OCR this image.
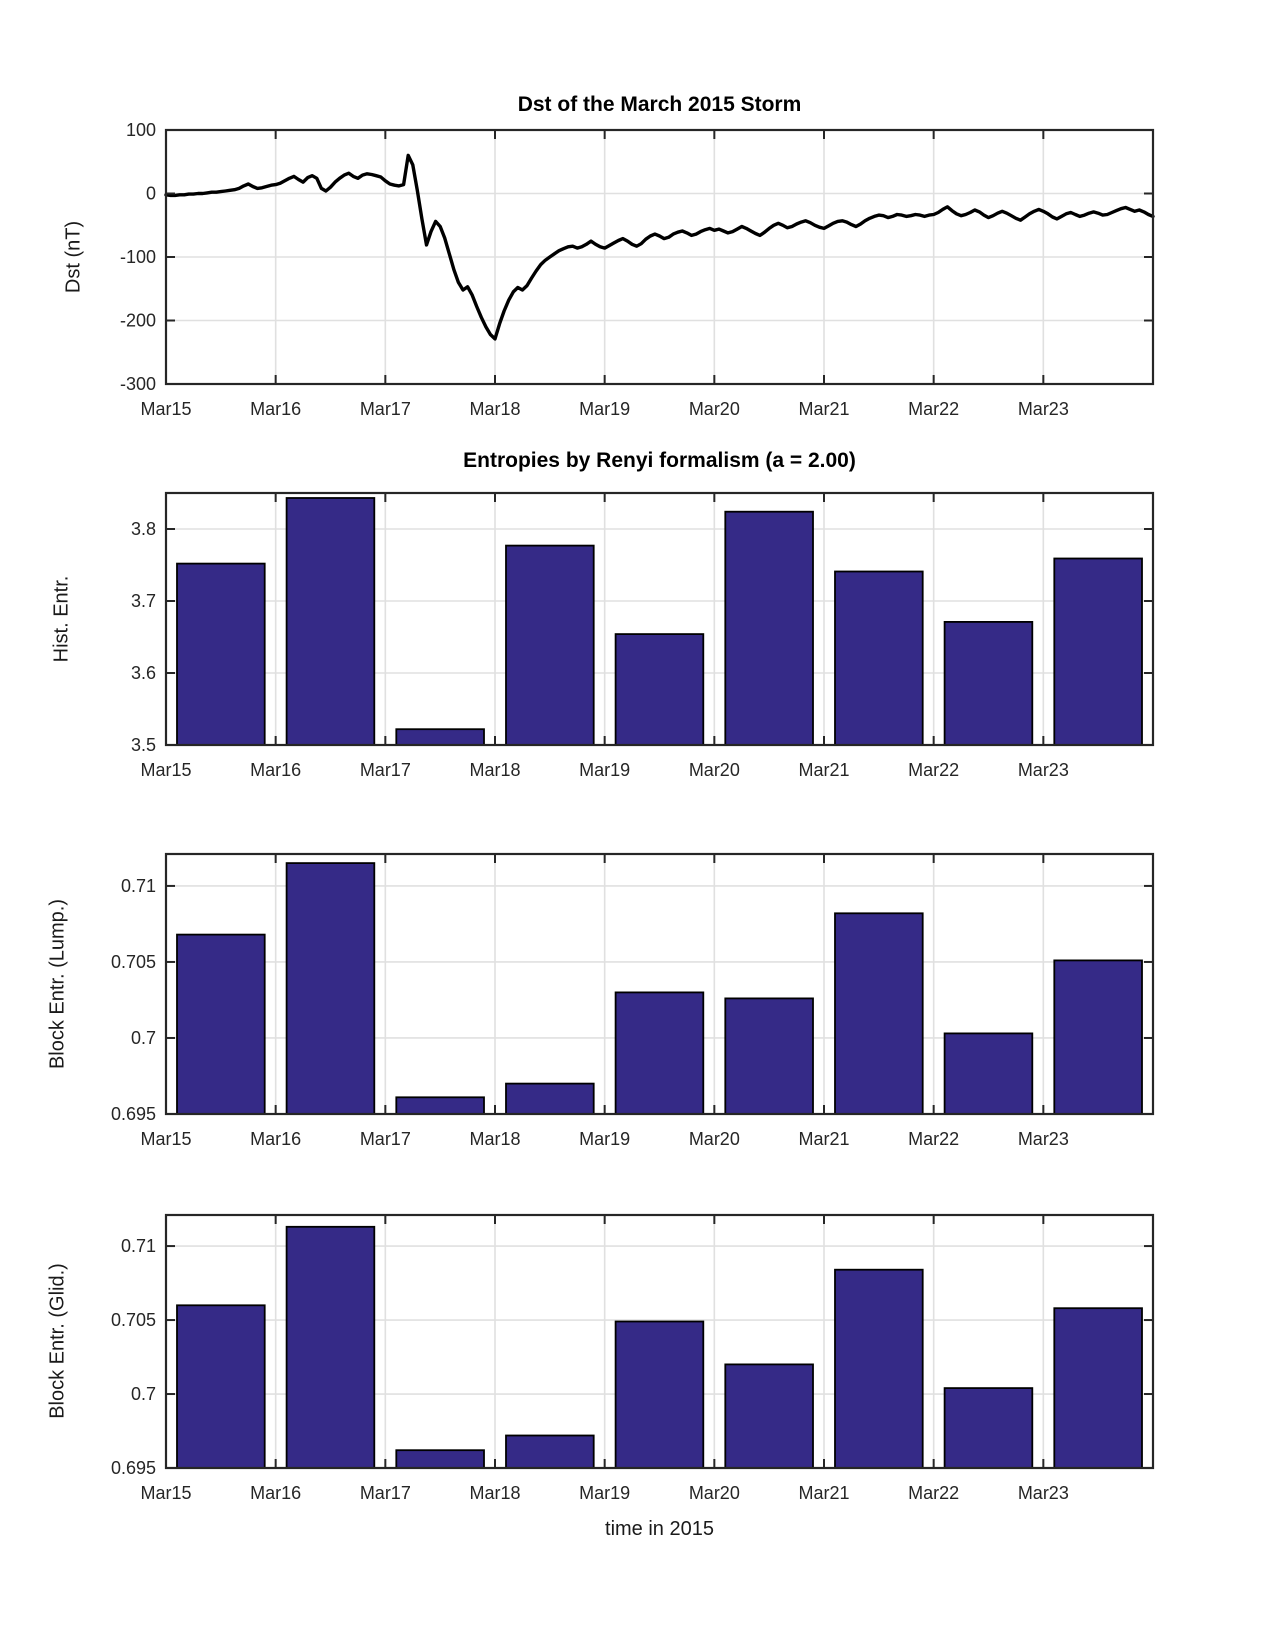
Mar15	Mar16	Mar17	Mar18	Mar19	Mar20	Mar21	Mar22	Mar23
100
0
-100
-200
-300
Mar15	Mar16	Mar17	Mar18	Mar19	Mar20	Mar21	Mar22	Mar23
3.8
3.7
3.6
3.5
Mar15	Mar16	Mar17	Mar18	Mar19	Mar20	Mar21	Mar22	Mar23
0.71
0.705
0.7
0.695
Mar15	Mar16	Mar17	Mar18	Mar19	Mar20	Mar21	Mar22	Mar23
0.71
0.705
0.7
0.695
Dst of the March 2015 Storm
Entropies by Renyi formalism (a = 2.00)
Dst (nT)
Hist. Entr.
Block Entr. (Lump.)
Block Entr. (Glid.)
time in 2015
